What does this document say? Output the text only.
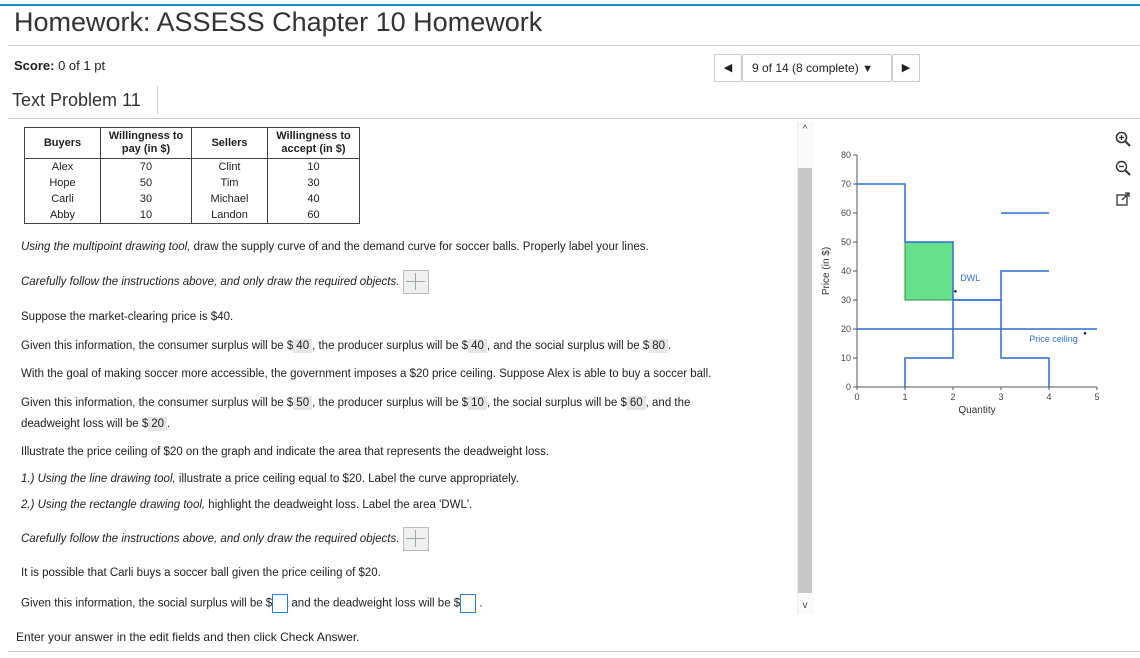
Homework: ASSESS Chapter 10 Homework
Score: 0 of 1 pt	◀	9 of 14 (8 complete) ▼	▶
Text Problem 11
Buyers	Willingness to pay (in $)	Sellers	Willingness to accept (in $)
Alex	70	Clint	10
Hope	50	Tim	30
Carli	30	Michael	40
Abby	10	Landon	60
Using the multipoint drawing tool, draw the supply curve of and the demand curve for soccer balls. Properly label your lines.
Carefully follow the instructions above, and only draw the required objects.
Suppose the market-clearing price is $40.
Given this information, the consumer surplus will be $ 40 , the producer surplus will be $ 40 , and the social surplus will be $ 80 .
With the goal of making soccer more accessible, the government imposes a $20 price ceiling. Suppose Alex is able to buy a soccer ball.
Given this information, the consumer surplus will be $ 50 , the producer surplus will be $ 10 , the social surplus will be $ 60 , and the
deadweight loss will be $ 20 .
Illustrate the price ceiling of $20 on the graph and indicate the area that represents the deadweight loss.
1.) Using the line drawing tool, illustrate a price ceiling equal to $20. Label the curve appropriately.
2.) Using the rectangle drawing tool, highlight the deadweight loss. Label the area 'DWL'.
Carefully follow the instructions above, and only draw the required objects.
It is possible that Carli buys a soccer ball given the price ceiling of $20.
Given this information, the social surplus will be $ and the deadweight loss will be $ .
^
v
80
70
60
50
40
30
20
10
0
0	1	2	3	4	5
Price (in $)
Quantity
DWL
Price ceiling
Enter your answer in the edit fields and then click Check Answer.
